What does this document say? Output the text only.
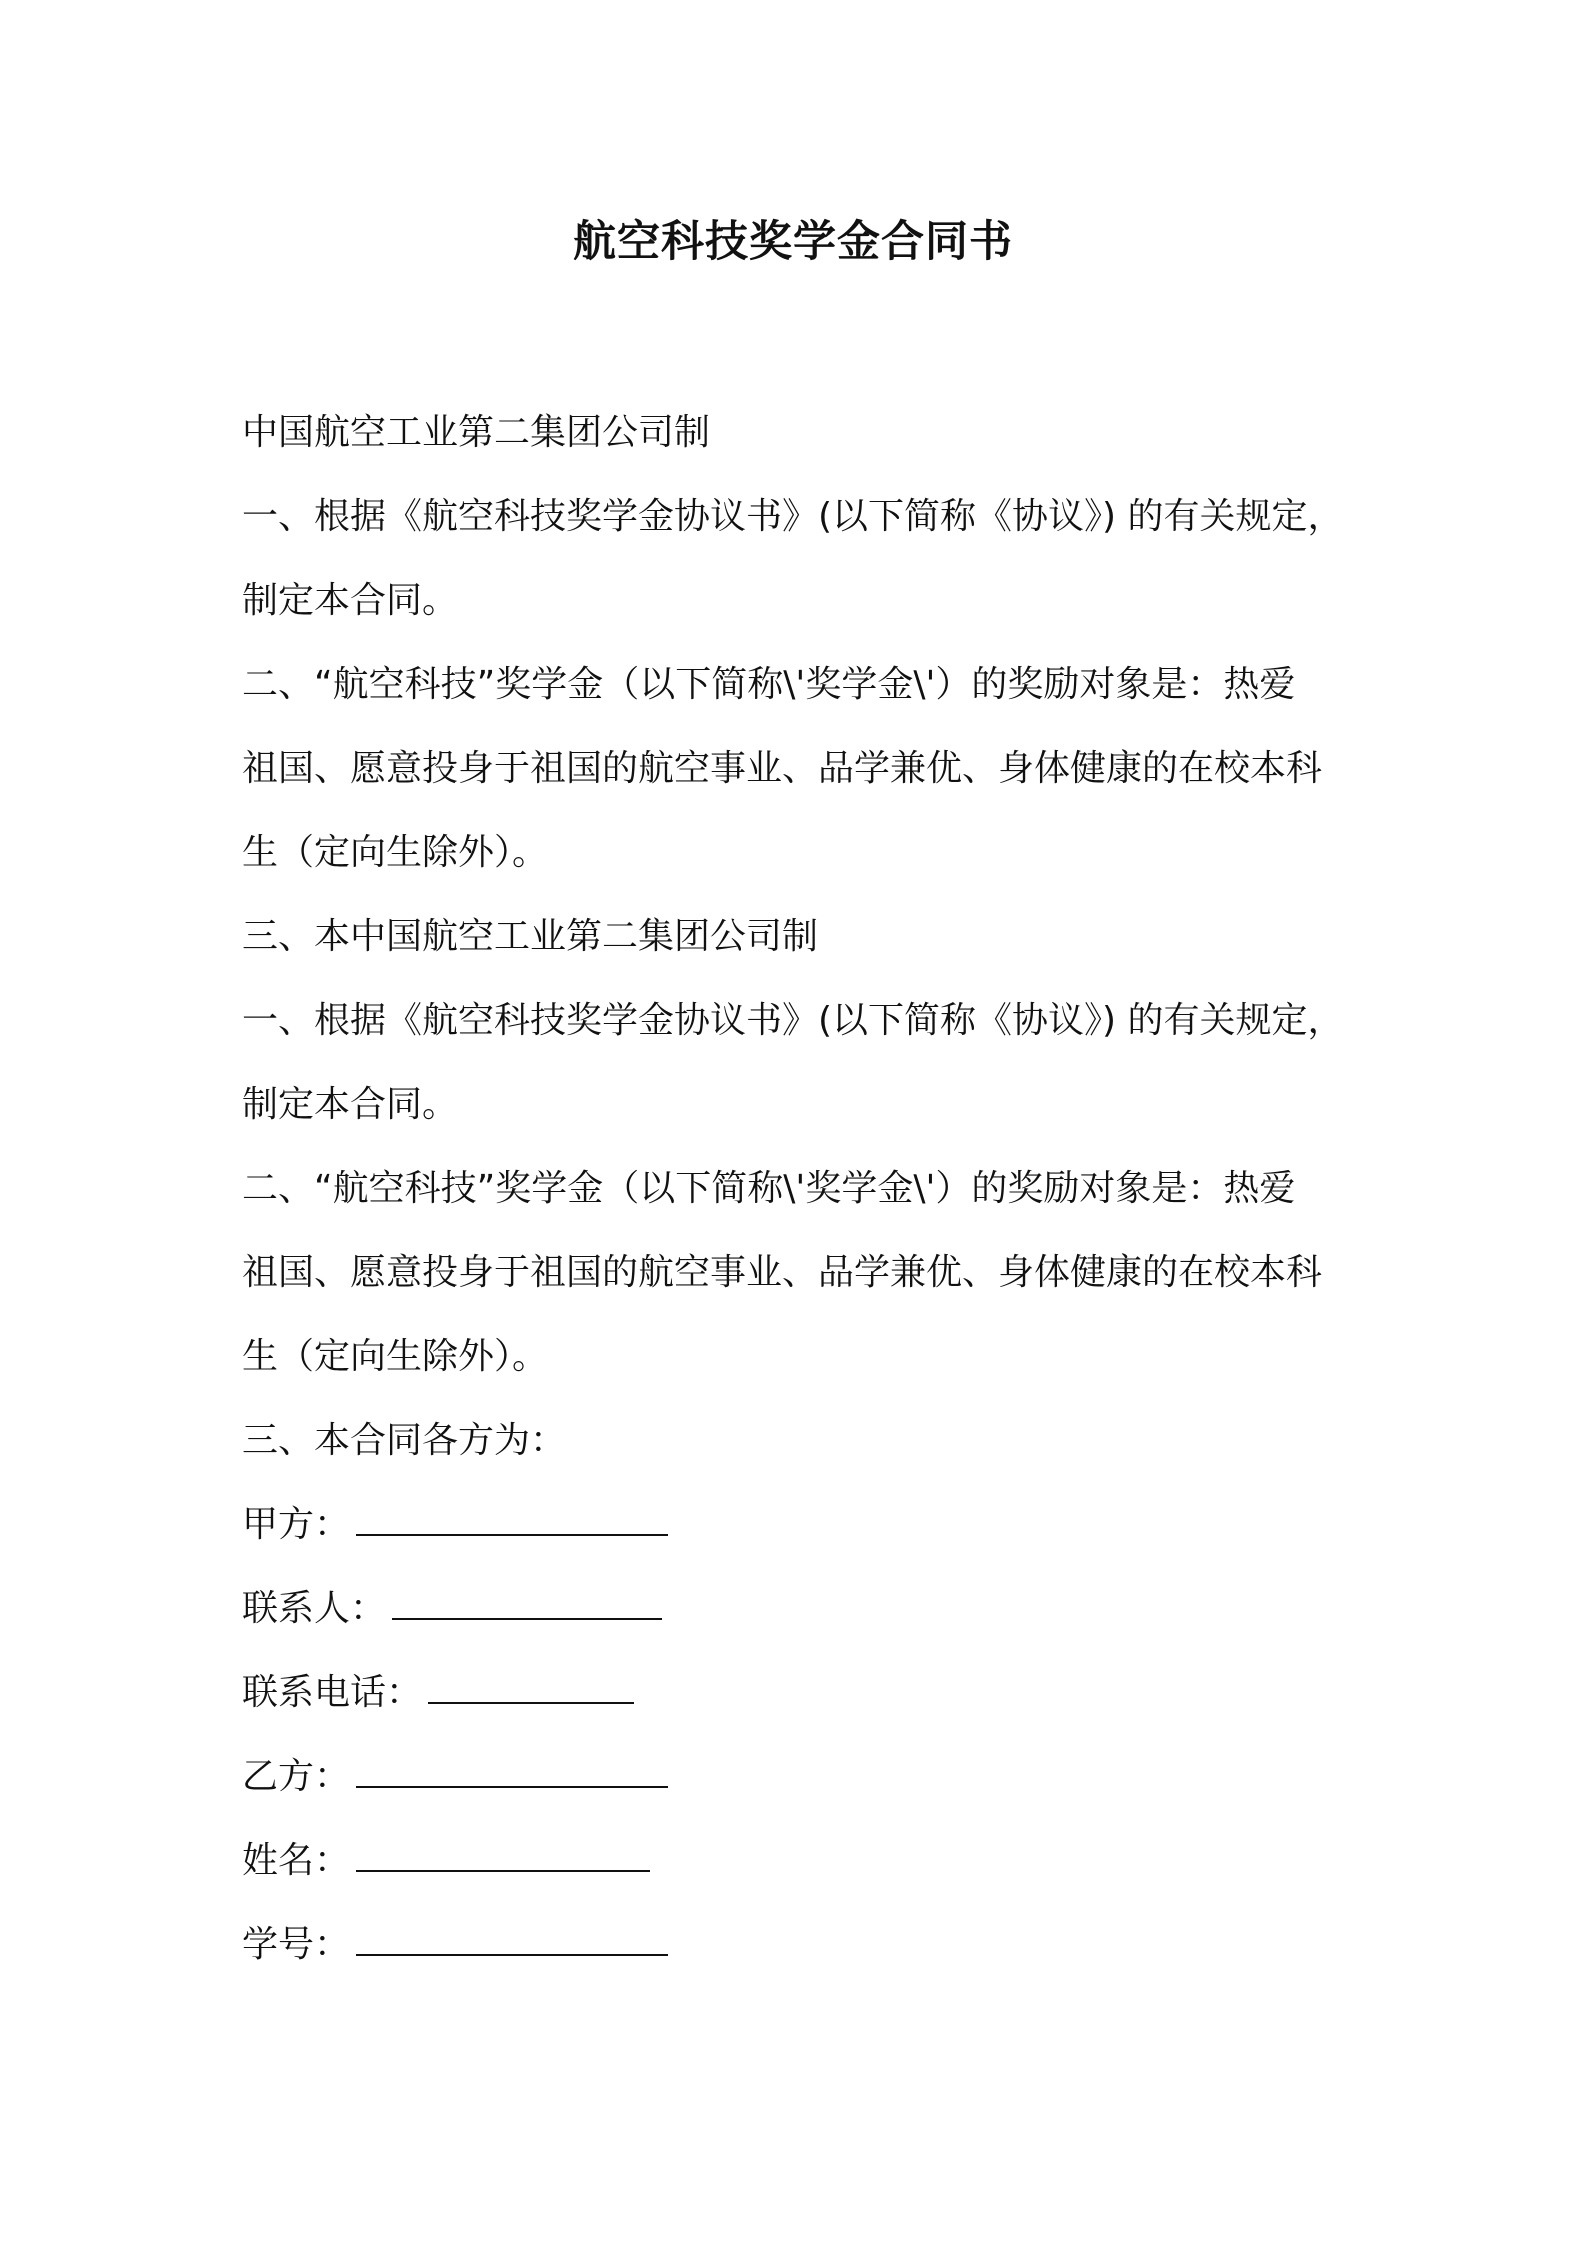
航空科技奖学金合同书
中国航空工业第二集团公司制
一、根据《航空科技奖学金协议书》(以下简称《协议》) 的有关规定，
制定本合同。
二、“航空科技”奖学金（以下简称\'奖学金\'）的奖励对象是：热爱
祖国、愿意投身于祖国的航空事业、品学兼优、身体健康的在校本科
生（定向生除外）。
三、本中国航空工业第二集团公司制
一、根据《航空科技奖学金协议书》(以下简称《协议》) 的有关规定，
制定本合同。
二、“航空科技”奖学金（以下简称\'奖学金\'）的奖励对象是：热爱
祖国、愿意投身于祖国的航空事业、品学兼优、身体健康的在校本科
生（定向生除外）。
三、本合同各方为：
甲方：
联系人：
联系电话：
乙方：
姓名：
学号：
